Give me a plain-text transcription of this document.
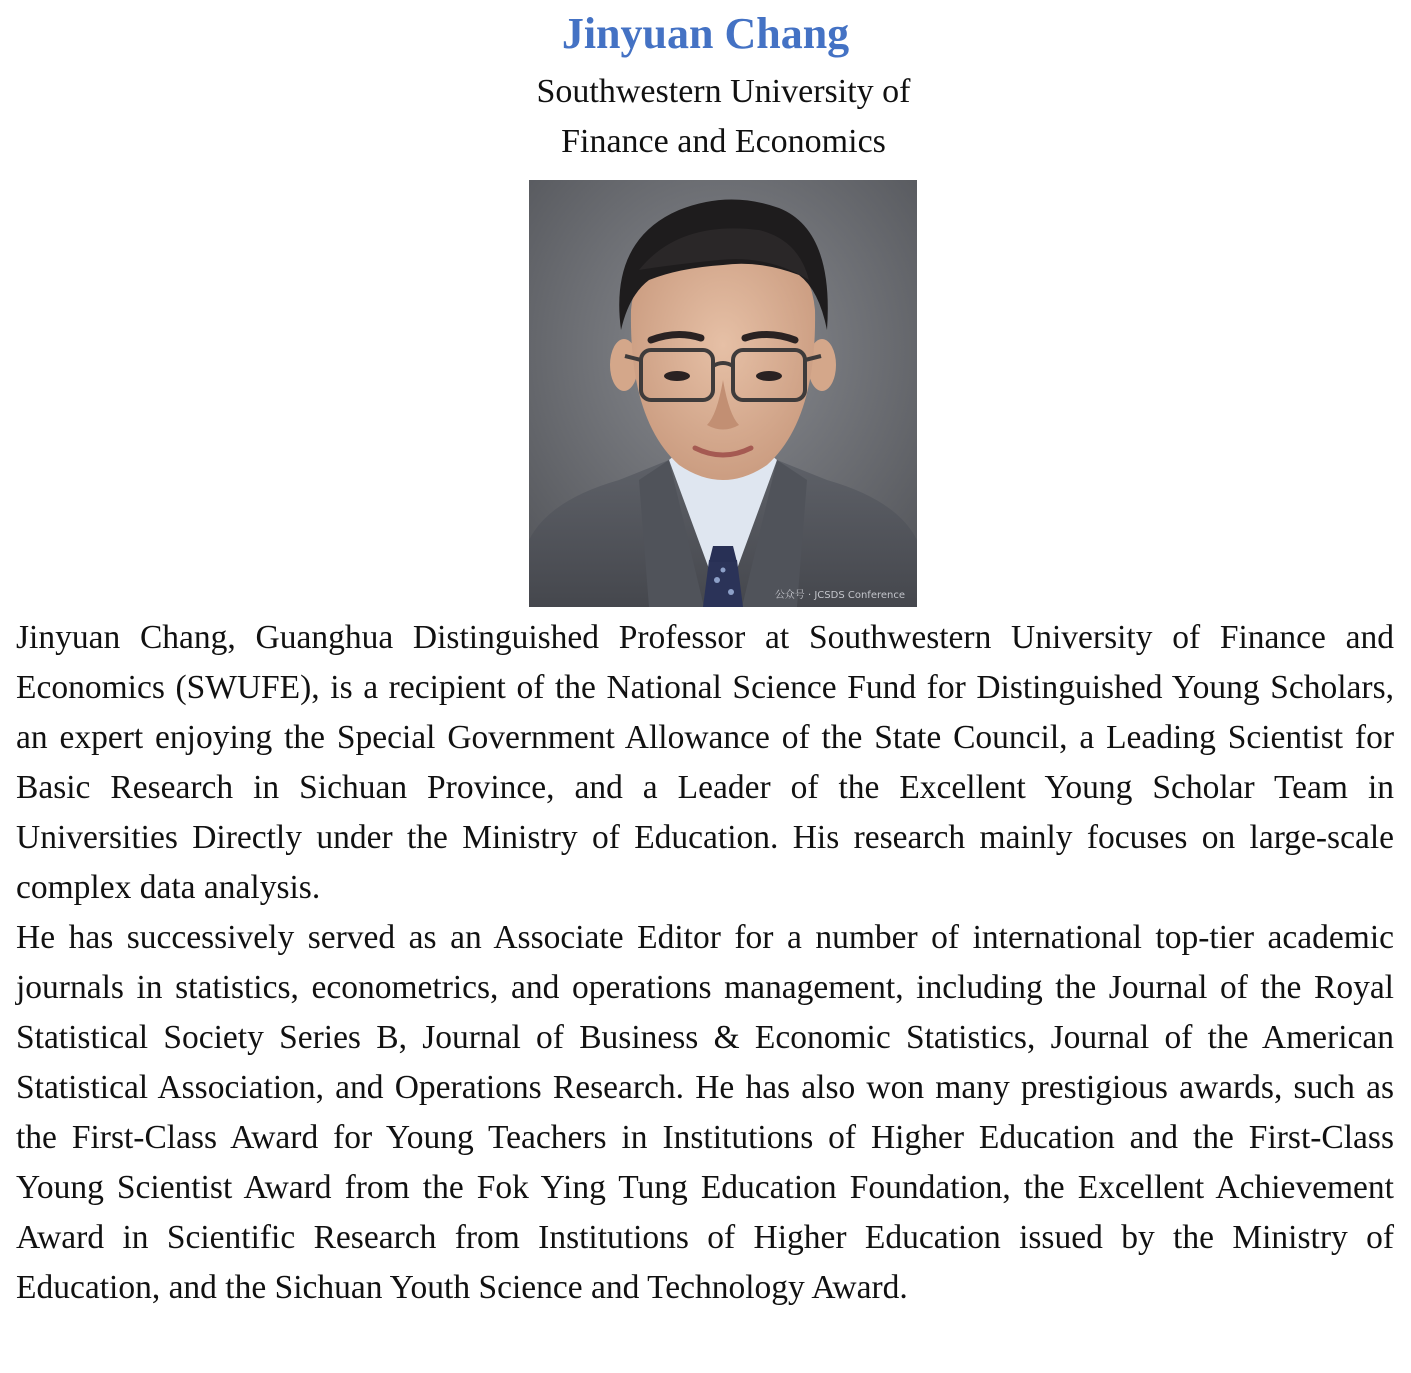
Jinyuan Chang
Southwestern University of
Finance and Economics
公众号 · JCSDS Conference

Jinyuan Chang, Guanghua Distinguished Professor at Southwestern University of Finance and Economics (SWUFE), is a recipient of the National Science Fund for Distinguished Young Scholars, an expert enjoying the Special Government Allowance of the State Council, a Leading Scientist for Basic Research in Sichuan Province, and a Leader of the Excellent Young Scholar Team in Universities Directly under the Ministry of Education. His research mainly focuses on large-scale complex data analysis.

He has successively served as an Associate Editor for a number of international top-tier academic journals in statistics, econometrics, and operations management, including the Journal of the Royal Statistical Society Series B, Journal of Business & Economic Statistics, Journal of the American Statistical Association, and Operations Research. He has also won many prestigious awards, such as the First-Class Award for Young Teachers in Institutions of Higher Education and the First-Class Young Scientist Award from the Fok Ying Tung Education Foundation, the Excellent Achievement Award in Scientific Research from Institutions of Higher Education issued by the Ministry of Education, and the Sichuan Youth Science and Technology Award.
